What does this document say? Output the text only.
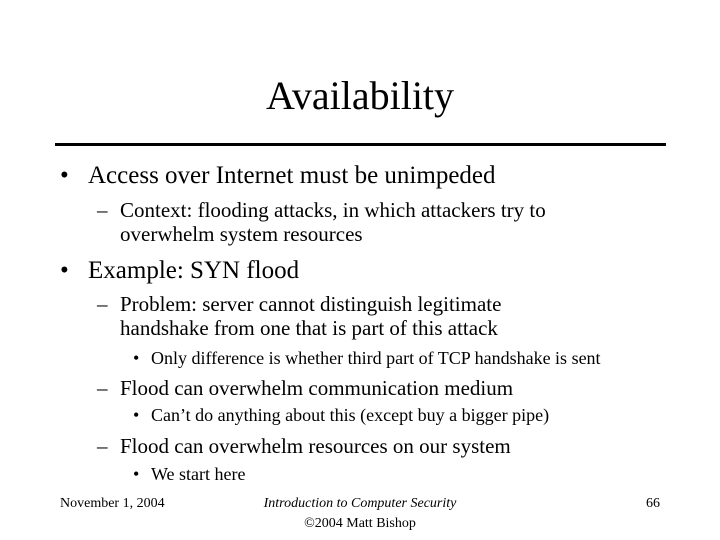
Availability
• Access over Internet must be unimpeded
– Context: flooding attacks, in which attackers try to overwhelm system resources
• Example: SYN flood
– Problem: server cannot distinguish legitimate handshake from one that is part of this attack
• Only difference is whether third part of TCP handshake is sent
– Flood can overwhelm communication medium
• Can’t do anything about this (except buy a bigger pipe)
– Flood can overwhelm resources on our system
• We start here
November 1, 2004	Introduction to Computer Security
©2004 Matt Bishop
66
